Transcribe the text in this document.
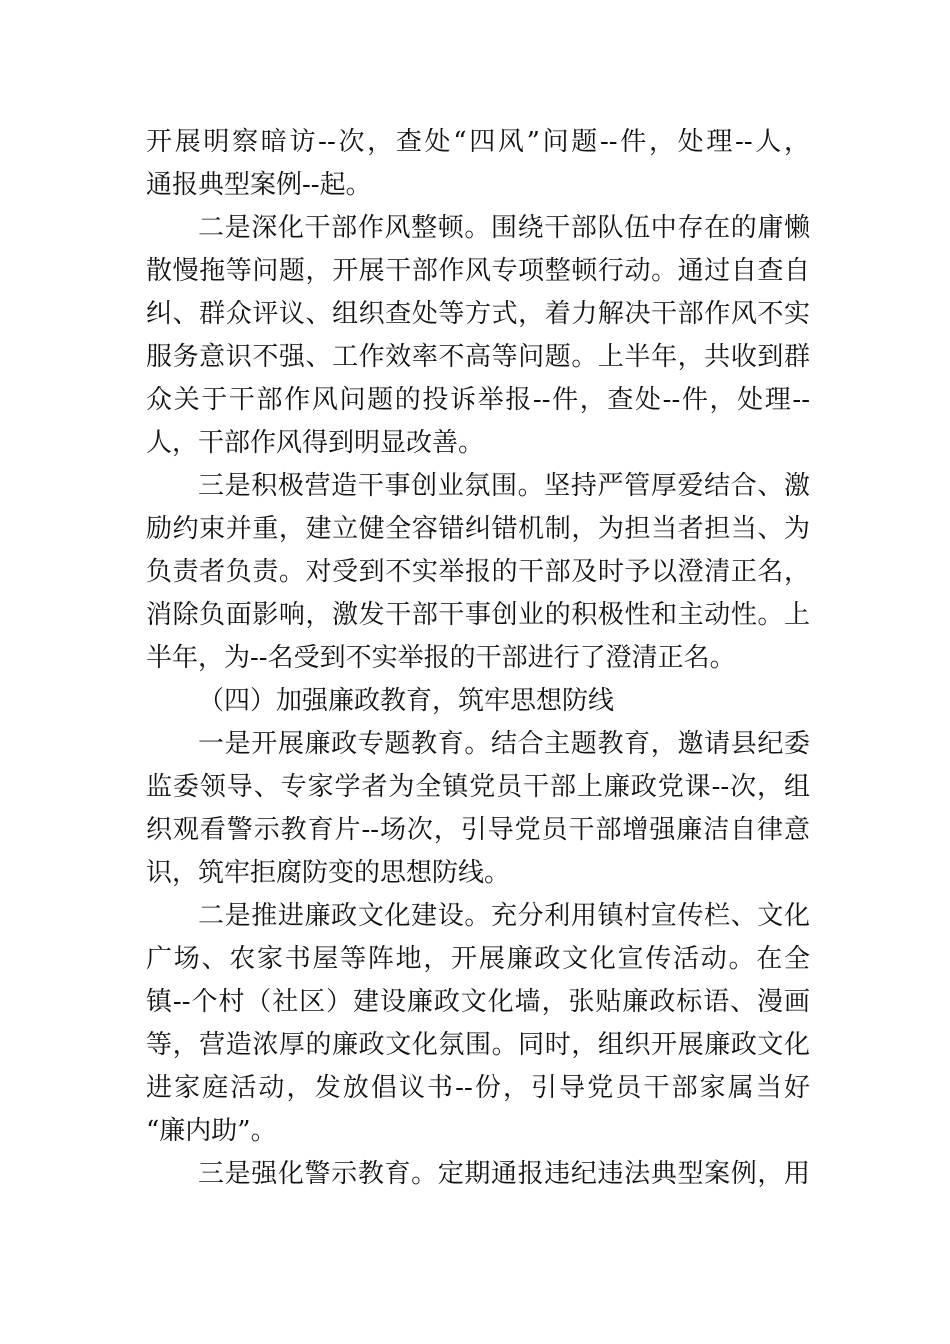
开展明察暗访--次，查处“四风”问题--件，处理--人，
通报典型案例--起。
二是深化干部作风整顿。围绕干部队伍中存在的庸懒
散慢拖等问题，开展干部作风专项整顿行动。通过自查自
纠、群众评议、组织查处等方式，着力解决干部作风不实
服务意识不强、工作效率不高等问题。上半年，共收到群
众关于干部作风问题的投诉举报--件，查处--件，处理--
人，干部作风得到明显改善。
三是积极营造干事创业氛围。坚持严管厚爱结合、激
励约束并重，建立健全容错纠错机制，为担当者担当、为
负责者负责。对受到不实举报的干部及时予以澄清正名，
消除负面影响，激发干部干事创业的积极性和主动性。上
半年，为--名受到不实举报的干部进行了澄清正名。
（四）加强廉政教育，筑牢思想防线
一是开展廉政专题教育。结合主题教育，邀请县纪委
监委领导、专家学者为全镇党员干部上廉政党课--次，组
织观看警示教育片--场次，引导党员干部增强廉洁自律意
识，筑牢拒腐防变的思想防线。
二是推进廉政文化建设。充分利用镇村宣传栏、文化
广场、农家书屋等阵地，开展廉政文化宣传活动。在全
镇--个村（社区）建设廉政文化墙，张贴廉政标语、漫画
等，营造浓厚的廉政文化氛围。同时，组织开展廉政文化
进家庭活动，发放倡议书--份，引导党员干部家属当好
“廉内助”。
三是强化警示教育。定期通报违纪违法典型案例，用
